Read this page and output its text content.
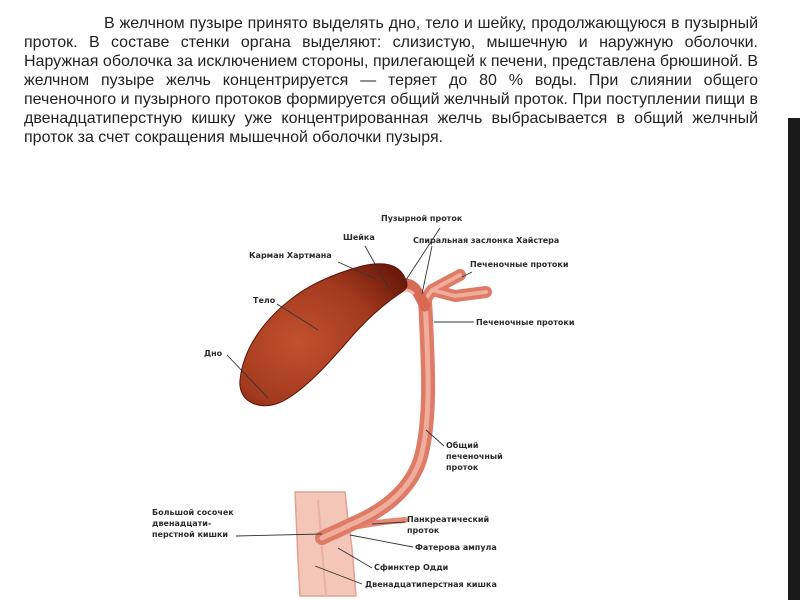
В желчном пузыре принято выделять дно, тело и шейку, продолжающуюся в пузырный проток. В составе стенки органа выделяют: слизистую, мышечную и наружную оболочки. Наружная оболочка за исключением стороны, прилегающей к печени, представлена брюшиной. В желчном пузыре желчь концентрируется — теряет до 80 % воды. При слиянии общего печеночного и пузырного протоков формируется общий желчный проток. При поступлении пищи в двенадцатиперстную кишку уже концентрированная желчь выбрасывается в общий желчный проток за счет сокращения мышечной оболочки пузыря.

Пузырной проток
Шейка	Спиральная заслонка Хайстера
Карман Хартмана
Печеночные протоки
Тело
Печеночные протоки
Дно
Общий печеночный проток
Большой сосочек двенадцати- перстной кишки
Панкреатический проток
Фатерова ампула
Сфинктер Одди
Двенадцатиперстная кишка
